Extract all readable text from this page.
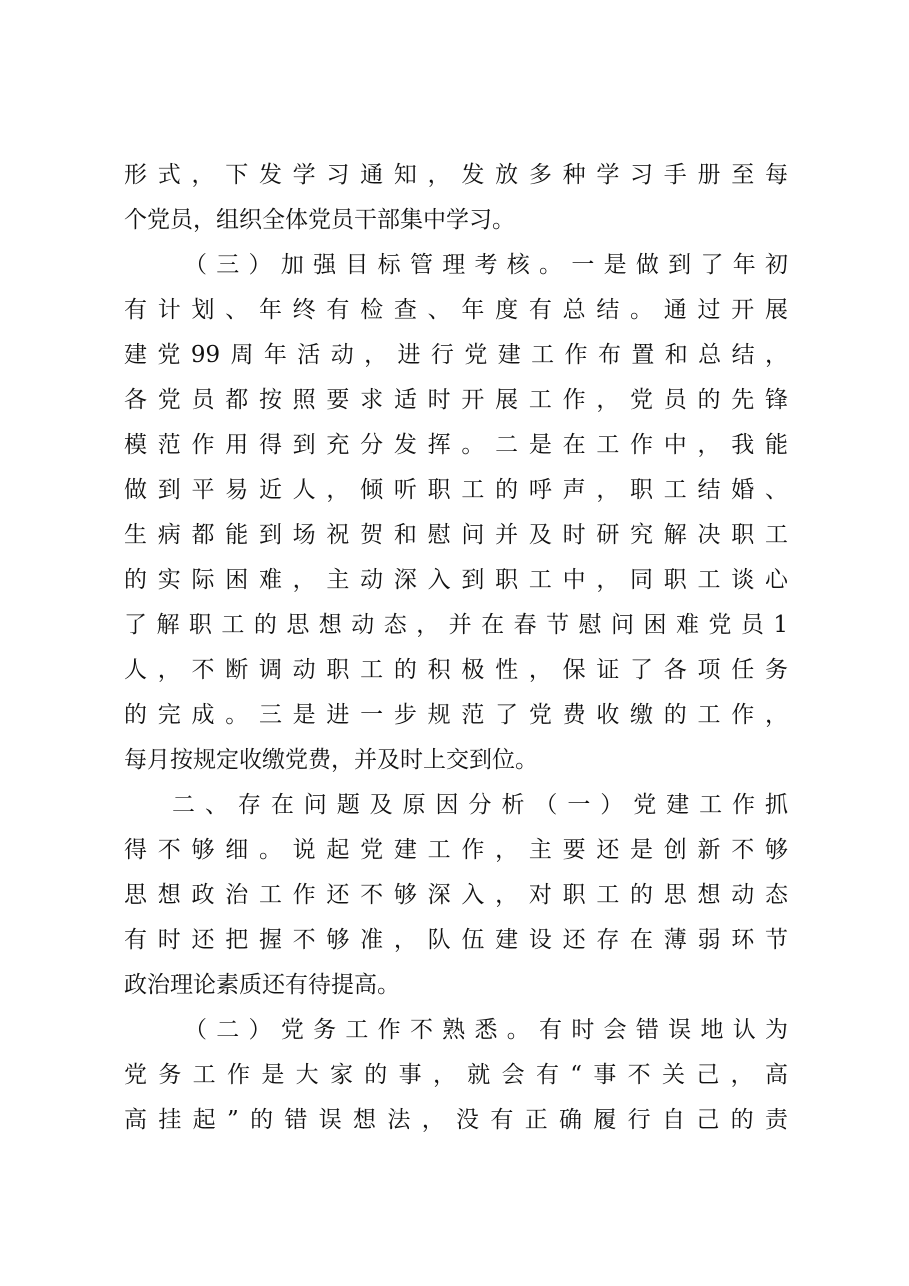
形式，下发学习通知，发放多种学习手册至每
个党员，组织全体党员干部集中学习。
（三）加强目标管理考核。一是做到了年初
有计划、年终有检查、年度有总结。通过开展
建党99周年活动，进行党建工作布置和总结，
各党员都按照要求适时开展工作，党员的先锋
模范作用得到充分发挥。二是在工作中，我能
做到平易近人，倾听职工的呼声，职工结婚、
生病都能到场祝贺和慰问并及时研究解决职工
的实际困难，主动深入到职工中，同职工谈心
了解职工的思想动态，并在春节慰问困难党员1
人，不断调动职工的积极性，保证了各项任务
的完成。三是进一步规范了党费收缴的工作，
每月按规定收缴党费，并及时上交到位。
二、存在问题及原因分析（一）党建工作抓
得不够细。说起党建工作，主要还是创新不够
思想政治工作还不够深入，对职工的思想动态
有时还把握不够准，队伍建设还存在薄弱环节
政治理论素质还有待提高。
（二）党务工作不熟悉。有时会错误地认为
党务工作是大家的事，就会有“事不关己，高
高挂起”的错误想法，没有正确履行自己的责
